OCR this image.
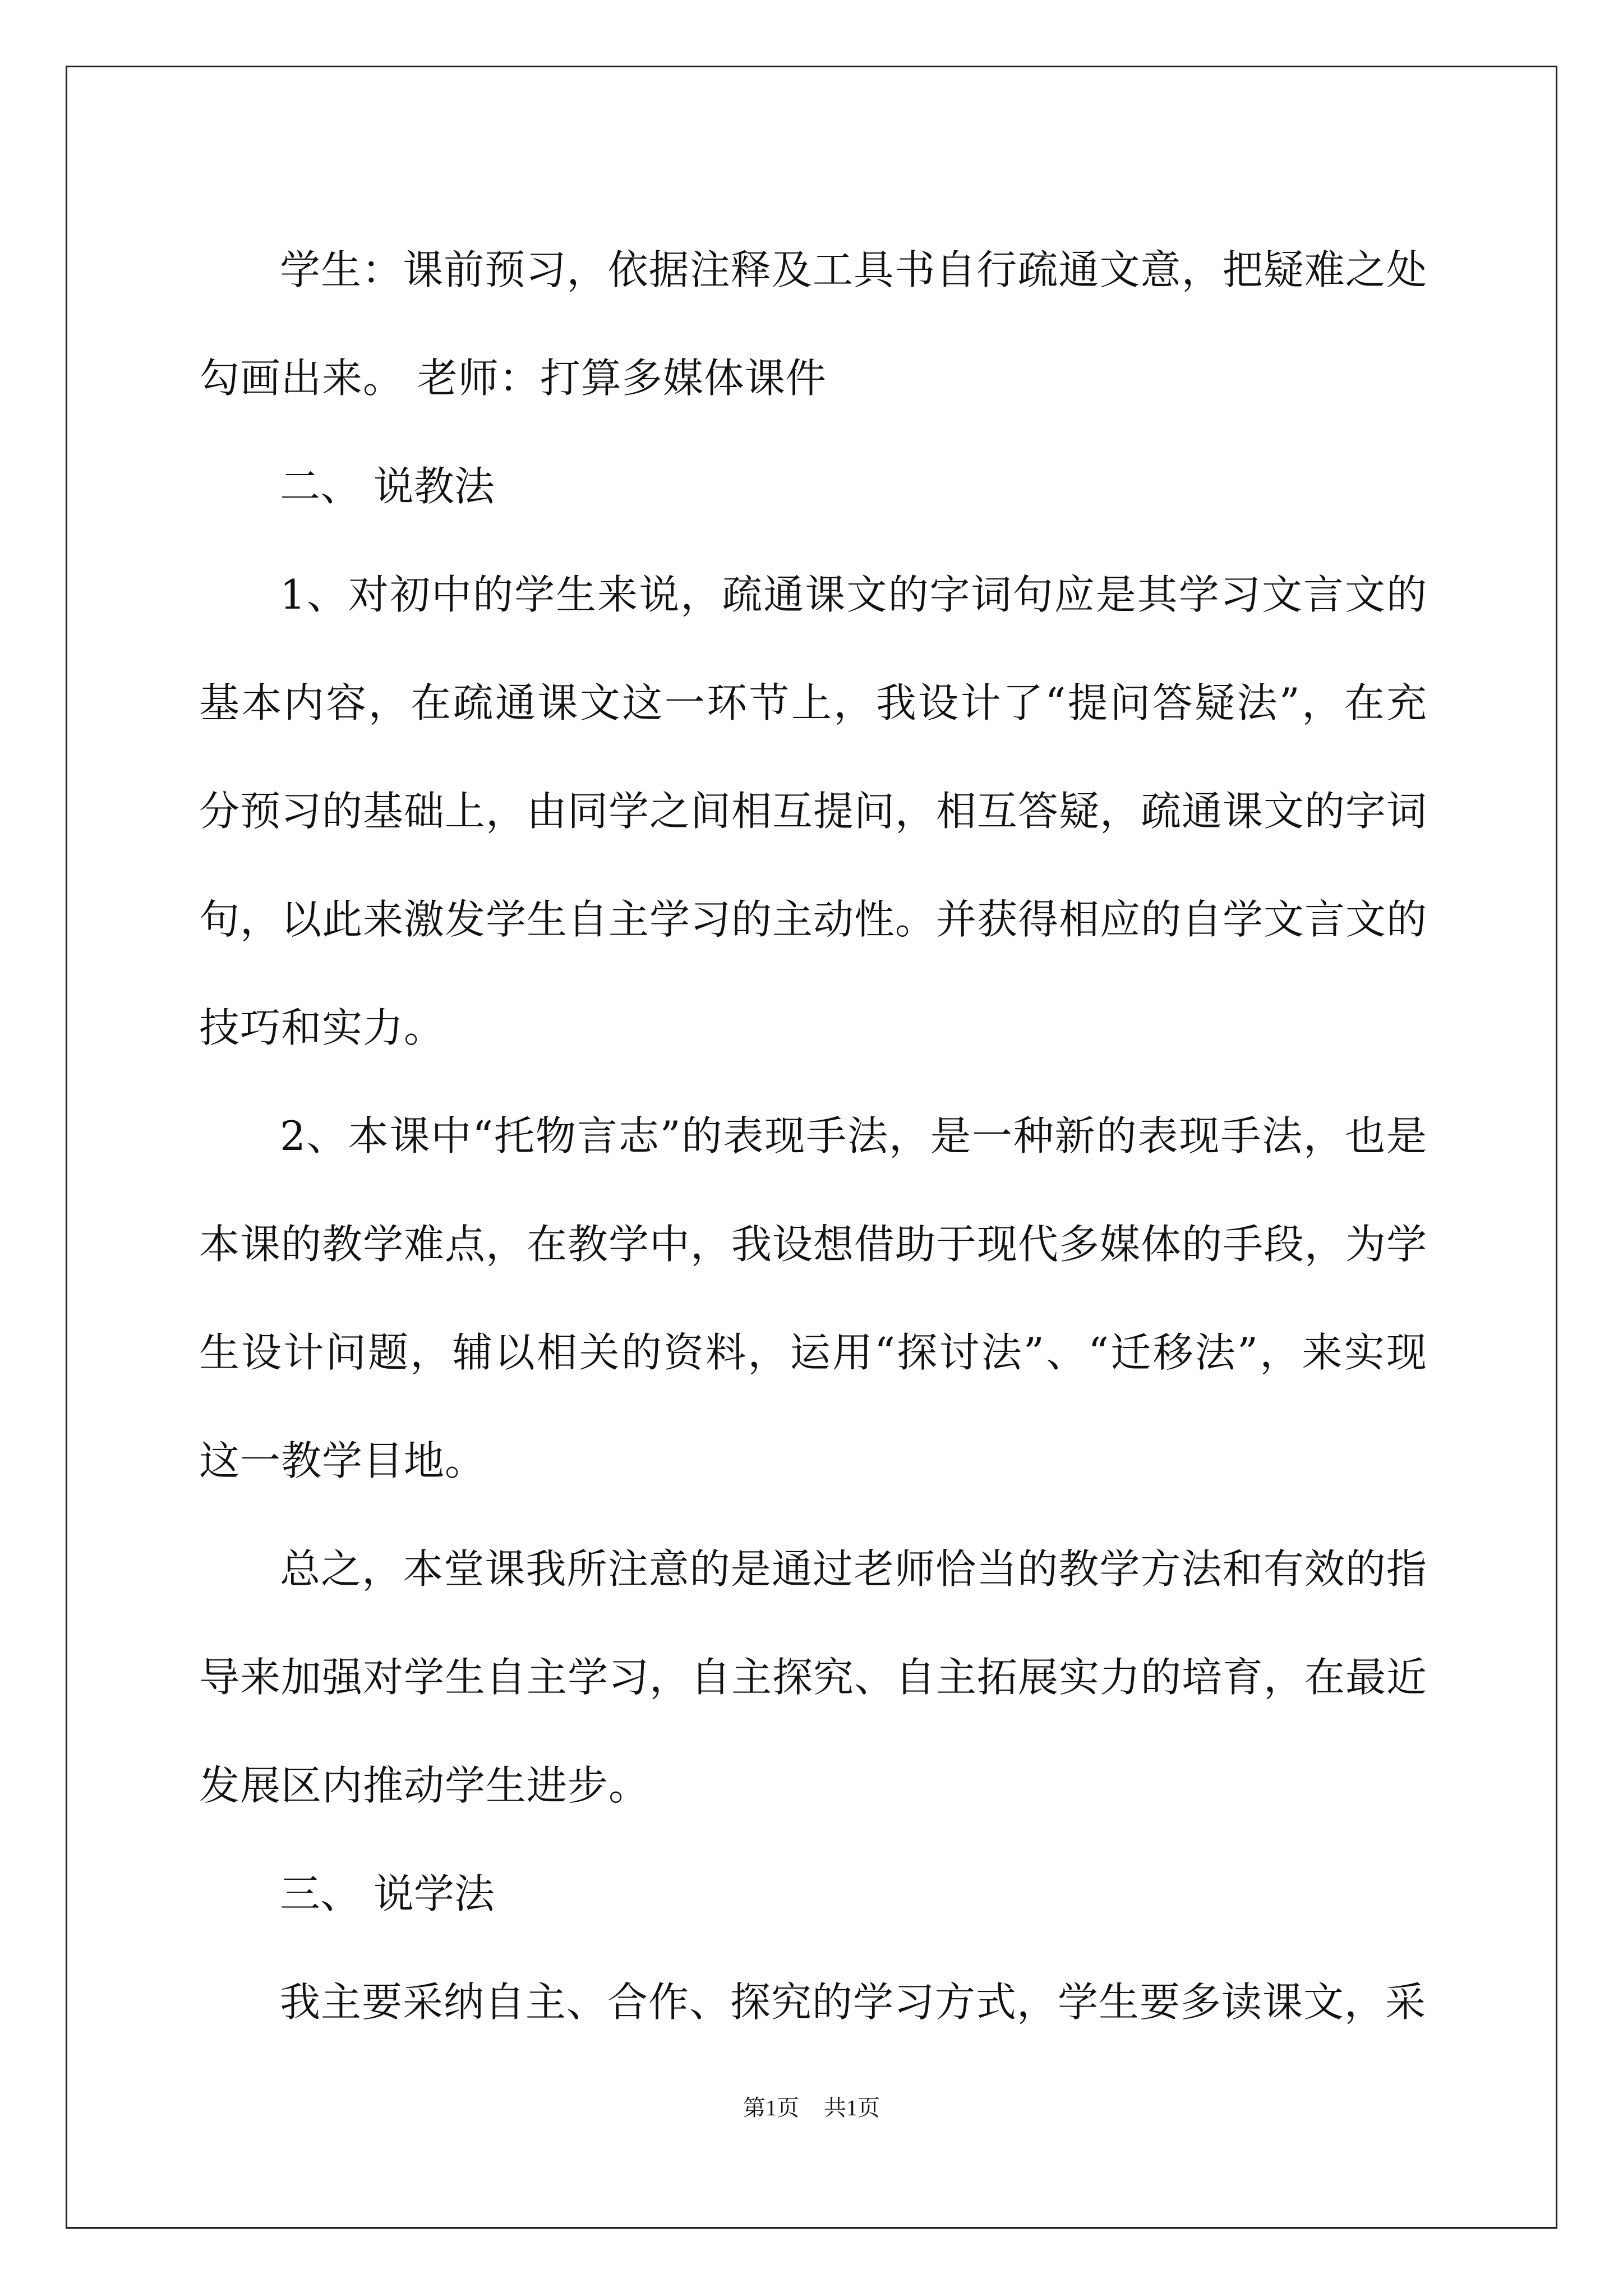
学生：课前预习，依据注释及工具书自行疏通文意，把疑难之处勾画出来。 老师：打算多媒体课件

二、 说教法

1、对初中的学生来说，疏通课文的字词句应是其学习文言文的基本内容，在疏通课文这一环节上，我设计了“提问答疑法”，在充分预习的基础上，由同学之间相互提问，相互答疑，疏通课文的字词句，以此来激发学生自主学习的主动性。并获得相应的自学文言文的技巧和实力。

2、本课中“托物言志”的表现手法，是一种新的表现手法，也是本课的教学难点，在教学中，我设想借助于现代多媒体的手段，为学生设计问题，辅以相关的资料，运用“探讨法”、“迁移法”，来实现这一教学目地。

总之，本堂课我所注意的是通过老师恰当的教学方法和有效的指导来加强对学生自主学习，自主探究、自主拓展实力的培育，在最近发展区内推动学生进步。

三、 说学法

我主要采纳自主、合作、探究的学习方式，学生要多读课文，采

第1页 共1页
